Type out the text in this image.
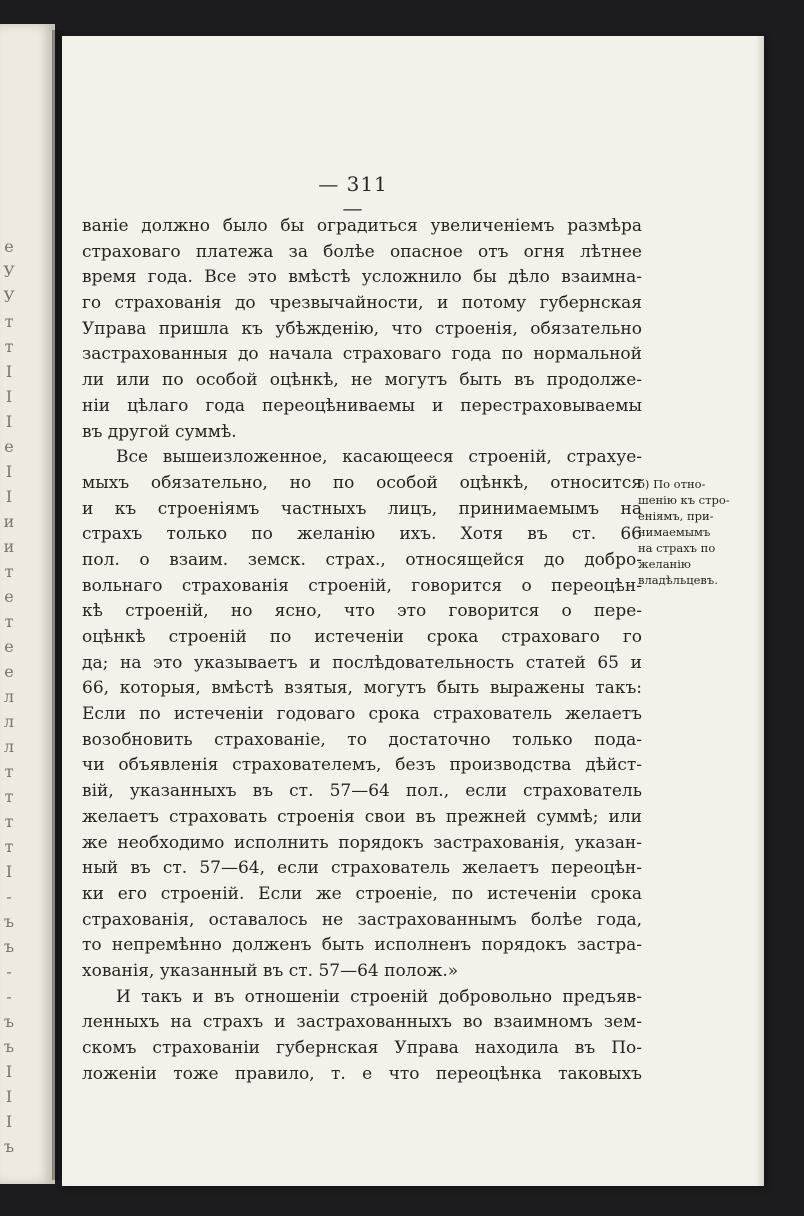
е
У
У
т
т
I
I
I
е
I
I
и
и
т
е
т
е
е
л
л
л
т
т
т
т
I
-
ъ
ъ
-
-
ъ
ъ
I
I
I
ъ
— 311 —
ваніе должно было бы оградиться увеличеніемъ размѣра
страховаго платежа за болѣе опасное отъ огня лѣтнее
время года. Все это вмѣстѣ усложнило бы дѣло взаимна-
го страхованія до чрезвычайности, и потому губернская
Управа пришла къ убѣжденію, что строенія, обязательно
застрахованныя до начала страховаго года по нормальной
ли или по особой оцѣнкѣ, не могутъ быть въ продолже-
ніи цѣлаго года переоцѣниваемы и перестраховываемы
въ другой суммѣ.
Все вышеизложенное, касающееся строеній, страхуе-
мыхъ обязательно, но по особой оцѣнкѣ, относится
и къ строеніямъ частныхъ лицъ, принимаемымъ на
страхъ только по желанію ихъ. Хотя въ ст. 66
пол. о взаим. земск. страх., относящейся до добро-
вольнаго страхованія строеній, говорится о переоцѣн-
кѣ строеній, но ясно, что это говорится о пере-
оцѣнкѣ строеній по истеченіи срока страховаго го
да; на это указываетъ и послѣдовательность статей 65 и
66, которыя, вмѣстѣ взятыя, могутъ быть выражены такъ:
Если по истеченіи годоваго срока страхователь желаетъ
возобновить страхованіе, то достаточно только пода-
чи объявленія страхователемъ, безъ производства дѣйст-
вій, указанныхъ въ ст. 57—64 пол., если страхователь
желаетъ страховать строенія свои въ прежней суммѣ; или
же необходимо исполнить порядокъ застрахованія, указан-
ный въ ст. 57—64, если страхователь желаетъ переоцѣн-
ки его строеній. Если же строеніе, по истеченіи срока
страхованія, оставалось не застрахованнымъ болѣе года,
то непремѣнно долженъ быть исполненъ порядокъ застра-
хованія, указанный въ ст. 57—64 полож.»
И такъ и въ отношеніи строеній добровольно предъяв-
ленныхъ на страхъ и застрахованныхъ во взаимномъ зем-
скомъ страхованіи губернская Управа находила въ По-
ложеніи тоже правило, т. е что переоцѣнка таковыхъ
б) По отно-
шенію къ стро-
еніямъ, при-
нимаемымъ
на страхъ по
желанію
владѣльцевъ.
